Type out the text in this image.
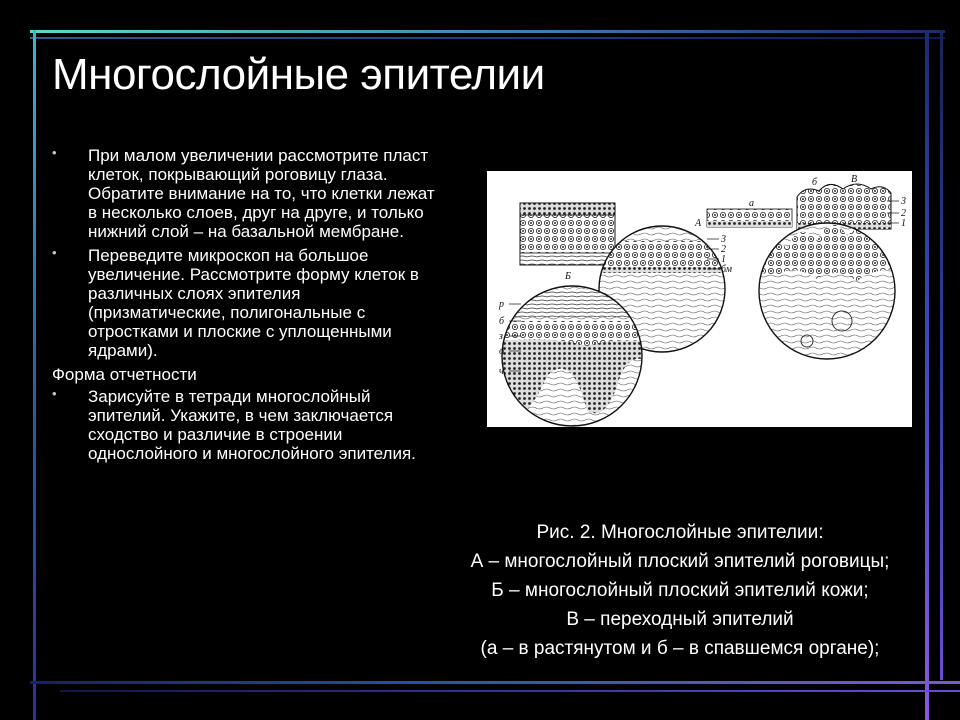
Многослойные эпителии
• При малом увеличении рассмотрите пласт клеток, покрывающий роговицу глаза. Обратите внимание на то, что клетки лежат в несколько слоев, друг на друге, и только нижний слой – на базальной мембране.
• Переведите микроскоп на большое увеличение. Рассмотрите форму клеток в различных слоях эпителия (призматические, полигональные с отростками и плоские с уплощенными ядрами).
Форма отчетности
• Зарисуйте в тетради многослойный эпителий. Укажите, в чем заключается сходство и различие в строении однослойного и многослойного эпителия.
А
а
б	В
3
2
1
3
2
1
бм
Б
р
б
з
о
ч
Рис. 2. Многослойные эпителии:
А – многослойный плоский эпителий роговицы;
Б – многослойный плоский эпителий кожи;
В – переходный эпителий
(а – в растянутом и б – в спавшемся органе);
